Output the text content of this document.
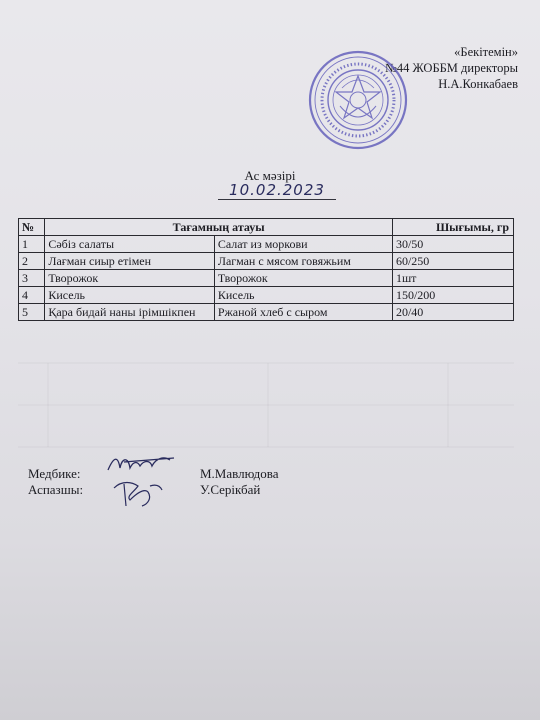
«Бекітемін»
№44 ЖОББМ директоры
Н.А.Конкабаев
Ас мәзірі
10.02.2023
№	Тағамның атауы		Шығымы, гр
1	Сәбіз салаты	Салат из моркови	30/50
2	Лағман сиыр етімен	Лагман с мясом говяжьим	60/250
3	Творожок	Творожок	1шт
4	Кисель	Кисель	150/200
5	Қара бидай наны ірімшікпен	Ржаной хлеб с сыром	20/40
Медбике:	М.Мавлюдова
Аспазшы:	У.Серікбай
